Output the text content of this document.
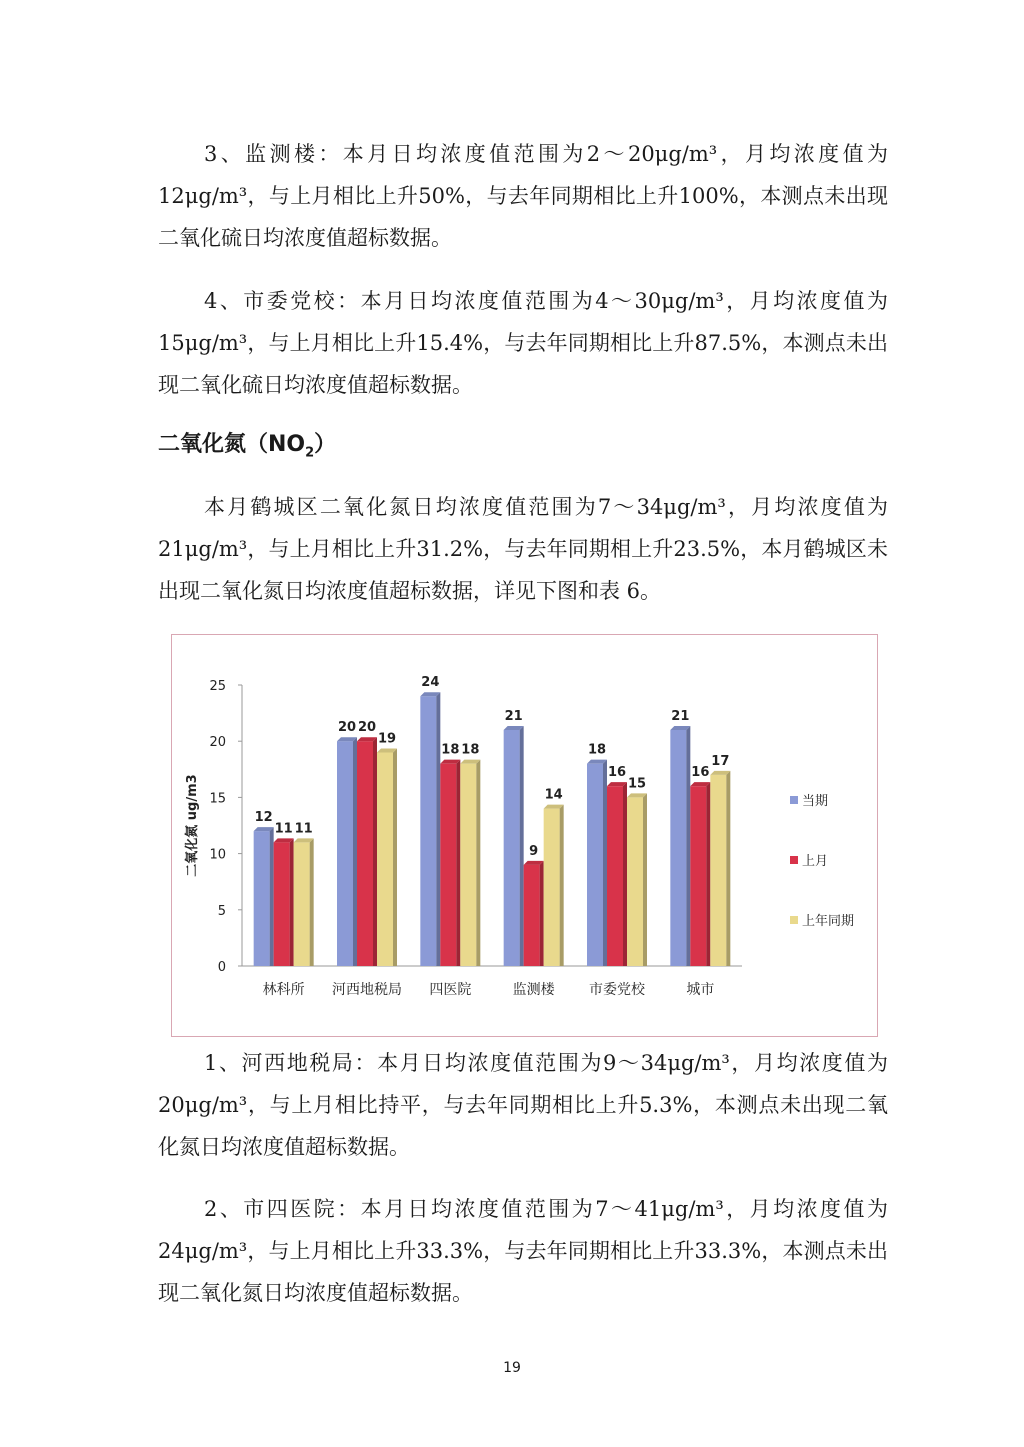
3、监测楼：本月日均浓度值范围为2～20μg/m³，月均浓度值为12μg/m³，与上月相比上升50%，与去年同期相比上升100%，本测点未出现二氧化硫日均浓度值超标数据。

4、市委党校：本月日均浓度值范围为4～30μg/m³，月均浓度值为15μg/m³，与上月相比上升15.4%，与去年同期相比上升87.5%，本测点未出现二氧化硫日均浓度值超标数据。

二氧化氮$(NO_2)$

本月鹤城区二氧化氮日均浓度值范围为7～34μg/m³，月均浓度值为21μg/m³，与上月相比上升31.2%，与去年同期相上升23.5%，本月鹤城区未出现二氧化氮日均浓度值超标数据，详见下图和表 6。

0
5
10
15
20
25
二氧化氮 ug/m3	12
11 11
林科所
20 20
19
河西地税局
24
18 18
四医院
21
9
14
监测楼
18
16
15
市委党校
21
16
17
城市
当期
上月
上年同期

1、河西地税局：本月日均浓度值范围为9～34μg/m³，月均浓度值为20μg/m³，与上月相比持平，与去年同期相比上升5.3%，本测点未出现二氧化氮日均浓度值超标数据。

2、市四医院：本月日均浓度值范围为7～41μg/m³，月均浓度值为24μg/m³，与上月相比上升33.3%，与去年同期相比上升33.3%，本测点未出现二氧化氮日均浓度值超标数据。

19
